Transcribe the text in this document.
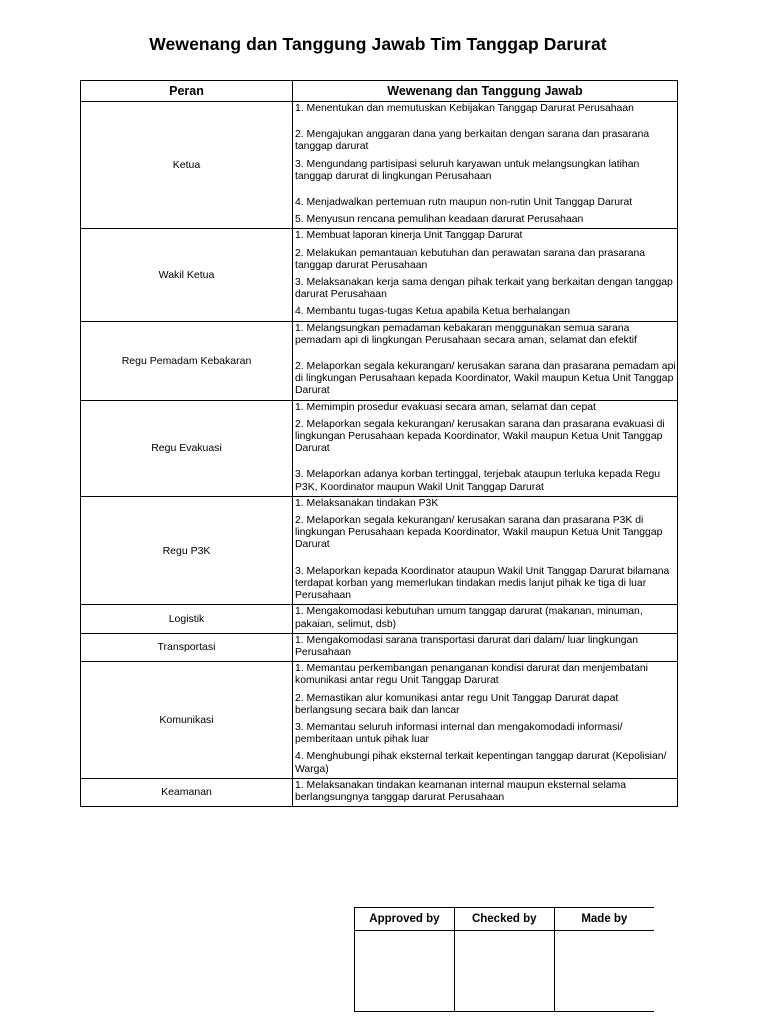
Wewenang dan Tanggung Jawab Tim Tanggap Darurat
Peran	Wewenang dan Tanggung Jawab
Ketua	1. Menentukan dan memutuskan Kebijakan Tanggap Darurat Perusahaan
2. Mengajukan anggaran dana yang berkaitan dengan sarana dan prasarana tanggap darurat
3. Mengundang partisipasi seluruh karyawan untuk melangsungkan latihan tanggap darurat di lingkungan Perusahaan
4. Menjadwalkan pertemuan rutn maupun non-rutin Unit Tanggap Darurat
5. Menyusun rencana pemulihan keadaan darurat Perusahaan

Wakil Ketua	1. Membuat laporan kinerja Unit Tanggap Darurat
2. Melakukan pemantauan kebutuhan dan perawatan sarana dan prasarana tanggap darurat Perusahaan
3. Melaksanakan kerja sama dengan pihak terkait yang berkaitan dengan tanggap darurat Perusahaan
4. Membantu tugas-tugas Ketua apabila Ketua berhalangan

Regu Pemadam Kebakaran	1. Melangsungkan pemadaman kebakaran menggunakan semua sarana pemadam api di lingkungan Perusahaan secara aman, selamat dan efektif
2. Melaporkan segala kekurangan/ kerusakan sarana dan prasarana pemadam api di lingkungan Perusahaan kepada Koordinator, Wakil maupun Ketua Unit Tanggap Darurat

Regu Evakuasi	1. Memimpin prosedur evakuasi secara aman, selamat dan cepat
2. Melaporkan segala kekurangan/ kerusakan sarana dan prasarana evakuasi di lingkungan Perusahaan kepada Koordinator, Wakil maupun Ketua Unit Tanggap Darurat
3. Melaporkan adanya korban tertinggal, terjebak ataupun terluka kepada Regu P3K, Koordinator maupun Wakil Unit Tanggap Darurat

Regu P3K	1. Melaksanakan tindakan P3K
2. Melaporkan segala kekurangan/ kerusakan sarana dan prasarana P3K di lingkungan Perusahaan kepada Koordinator, Wakil maupun Ketua Unit Tanggap Darurat
3. Melaporkan kepada Koordinator ataupun Wakil Unit Tanggap Darurat bilamana terdapat korban yang memerlukan tindakan medis lanjut pihak ke tiga di luar Perusahaan

Logistik	1. Mengakomodasi kebutuhan umum tanggap darurat (makanan, minuman, pakaian, selimut, dsb)

Transportasi	1. Mengakomodasi sarana transportasi darurat dari dalam/ luar lingkungan Perusahaan

Komunikasi	1. Memantau perkembangan penanganan kondisi darurat dan menjembatani komunikasi antar regu Unit Tanggap Darurat
2. Memastikan alur komunikasi antar regu Unit Tanggap Darurat dapat berlangsung secara baik dan lancar
3. Memantau seluruh informasi internal dan mengakomodadi informasi/ pemberitaan untuk pihak luar
4. Menghubungi pihak eksternal terkait kepentingan tanggap darurat (Kepolisian/ Warga)

Keamanan	1. Melaksanakan tindakan keamanan internal maupun eksternal selama berlangsungnya tanggap darurat Perusahaan
Approved by	Checked by	Made by
